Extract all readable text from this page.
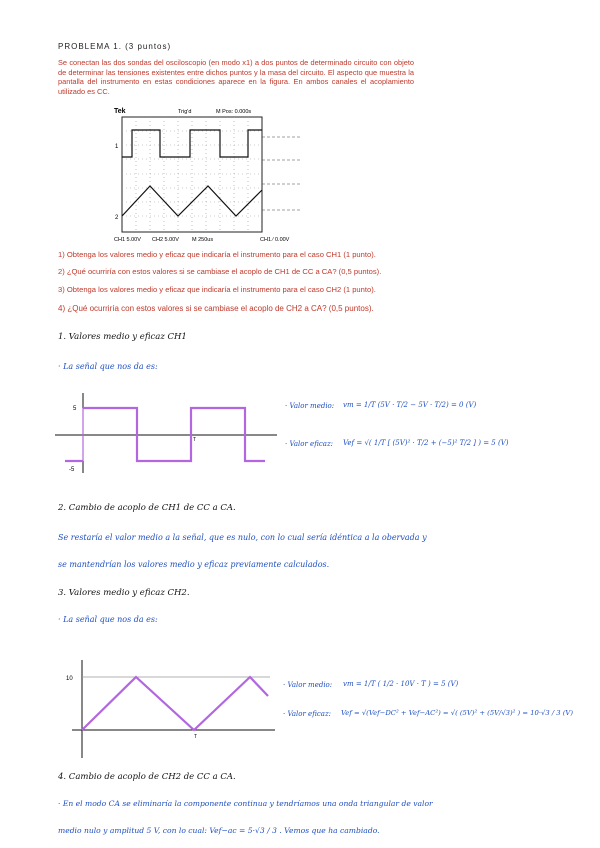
PROBLEMA 1. (3 puntos)
Se conectan las dos sondas del osciloscopio (en modo x1) a dos puntos de determinado circuito con objeto de determinar las tensiones existentes entre dichos puntos y la masa del circuito. El aspecto que muestra la pantalla del instrumento en estas condiciones aparece en la figura. En ambos canales el acoplamiento utilizado es CC.
Tek	Trig'd	M Pos: 0.000s
1
2
CH1 5.00V CH2 5.00V M 250us	CH1 ⁄ 0.00V
1) Obtenga los valores medio y eficaz que indicaría el instrumento para el caso CH1 (1 punto).
2) ¿Qué ocurriría con estos valores si se cambiase el acoplo de CH1 de CC a CA? (0,5 puntos).
3) Obtenga los valores medio y eficaz que indicaría el instrumento para el caso CH2 (1 punto).
4) ¿Qué ocurriría con estos valores si se cambiase el acoplo de CH2 a CA? (0,5 puntos).
1. Valores medio y eficaz CH1
· La señal que nos da es:
5
-5
T
· Valor medio: vm = 1/T (5V · T/2 − 5V · T/2) = 0 (V)
· Valor eficaz: Vef = √( 1/T [ (5V)² · T/2 + (−5)² T/2 ] ) = 5 (V)
2. Cambio de acoplo de CH1 de CC a CA.
Se restaría el valor medio a la señal, que es nulo, con lo cual sería idéntica a la obervada y
se mantendrían los valores medio y eficaz previamente calculados.
3. Valores medio y eficaz CH2.
· La señal que nos da es:
10
T
· Valor medio: vm = 1/T ( 1/2 · 10V · T ) = 5 (V)
· Valor eficaz: Vef = √(Vef−DC² + Vef−AC²) = √( (5V)² + (5V/√3)² ) = 10·√3 / 3 (V)
4. Cambio de acoplo de CH2 de CC a CA.
· En el modo CA se eliminaría la componente continua y tendríamos una onda triangular de valor
medio nulo y amplitud 5 V, con lo cual: Vef−ac = 5·√3 / 3 . Vemos que ha cambiado.
